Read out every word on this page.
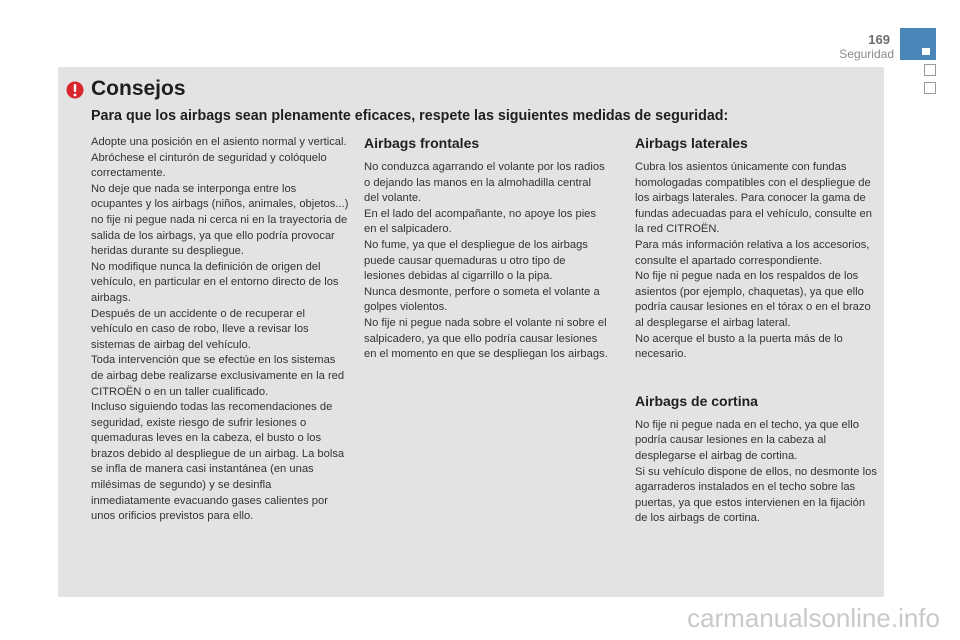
169
Seguridad
Consejos
Para que los airbags sean plenamente eficaces, respete las siguientes medidas de seguridad:

Adopte una posición en el asiento normal y vertical.

Abróchese el cinturón de seguridad y colóquelo correctamente.

No deje que nada se interponga entre los ocupantes y los airbags (niños, animales, objetos...) no fije ni pegue nada ni cerca ni en la trayectoria de salida de los airbags, ya que ello podría provocar heridas durante su despliegue.

No modifique nunca la definición de origen del vehículo, en particular en el entorno directo de los airbags.

Después de un accidente o de recuperar el vehículo en caso de robo, lleve a revisar los sistemas de airbag del vehículo.

Toda intervención que se efectúe en los sistemas de airbag debe realizarse exclusivamente en la red CITROËN o en un taller cualificado.

Incluso siguiendo todas las recomendaciones de seguridad, existe riesgo de sufrir lesiones o quemaduras leves en la cabeza, el busto o los brazos debido al despliegue de un airbag. La bolsa se infla de manera casi instantánea (en unas milésimas de segundo) y se desinfla inmediatamente evacuando gases calientes por unos orificios previstos para ello.

Airbags frontales

No conduzca agarrando el volante por los radios o dejando las manos en la almohadilla central del volante.

En el lado del acompañante, no apoye los pies en el salpicadero.

No fume, ya que el despliegue de los airbags puede causar quemaduras u otro tipo de lesiones debidas al cigarrillo o la pipa.

Nunca desmonte, perfore o someta el volante a golpes violentos.

No fije ni pegue nada sobre el volante ni sobre el salpicadero, ya que ello podría causar lesiones en el momento en que se despliegan los airbags.

Airbags laterales

Cubra los asientos únicamente con fundas homologadas compatibles con el despliegue de los airbags laterales. Para conocer la gama de fundas adecuadas para el vehículo, consulte en la red CITROËN.

Para más información relativa a los accesorios, consulte el apartado correspondiente.

No fije ni pegue nada en los respaldos de los asientos (por ejemplo, chaquetas), ya que ello podría causar lesiones en el tórax o en el brazo al desplegarse el airbag lateral.

No acerque el busto a la puerta más de lo necesario.

Airbags de cortina

No fije ni pegue nada en el techo, ya que ello podría causar lesiones en la cabeza al desplegarse el airbag de cortina.

Si su vehículo dispone de ellos, no desmonte los agarraderos instalados en el techo sobre las puertas, ya que estos intervienen en la fijación de los airbags de cortina.

carmanualsonline.info
